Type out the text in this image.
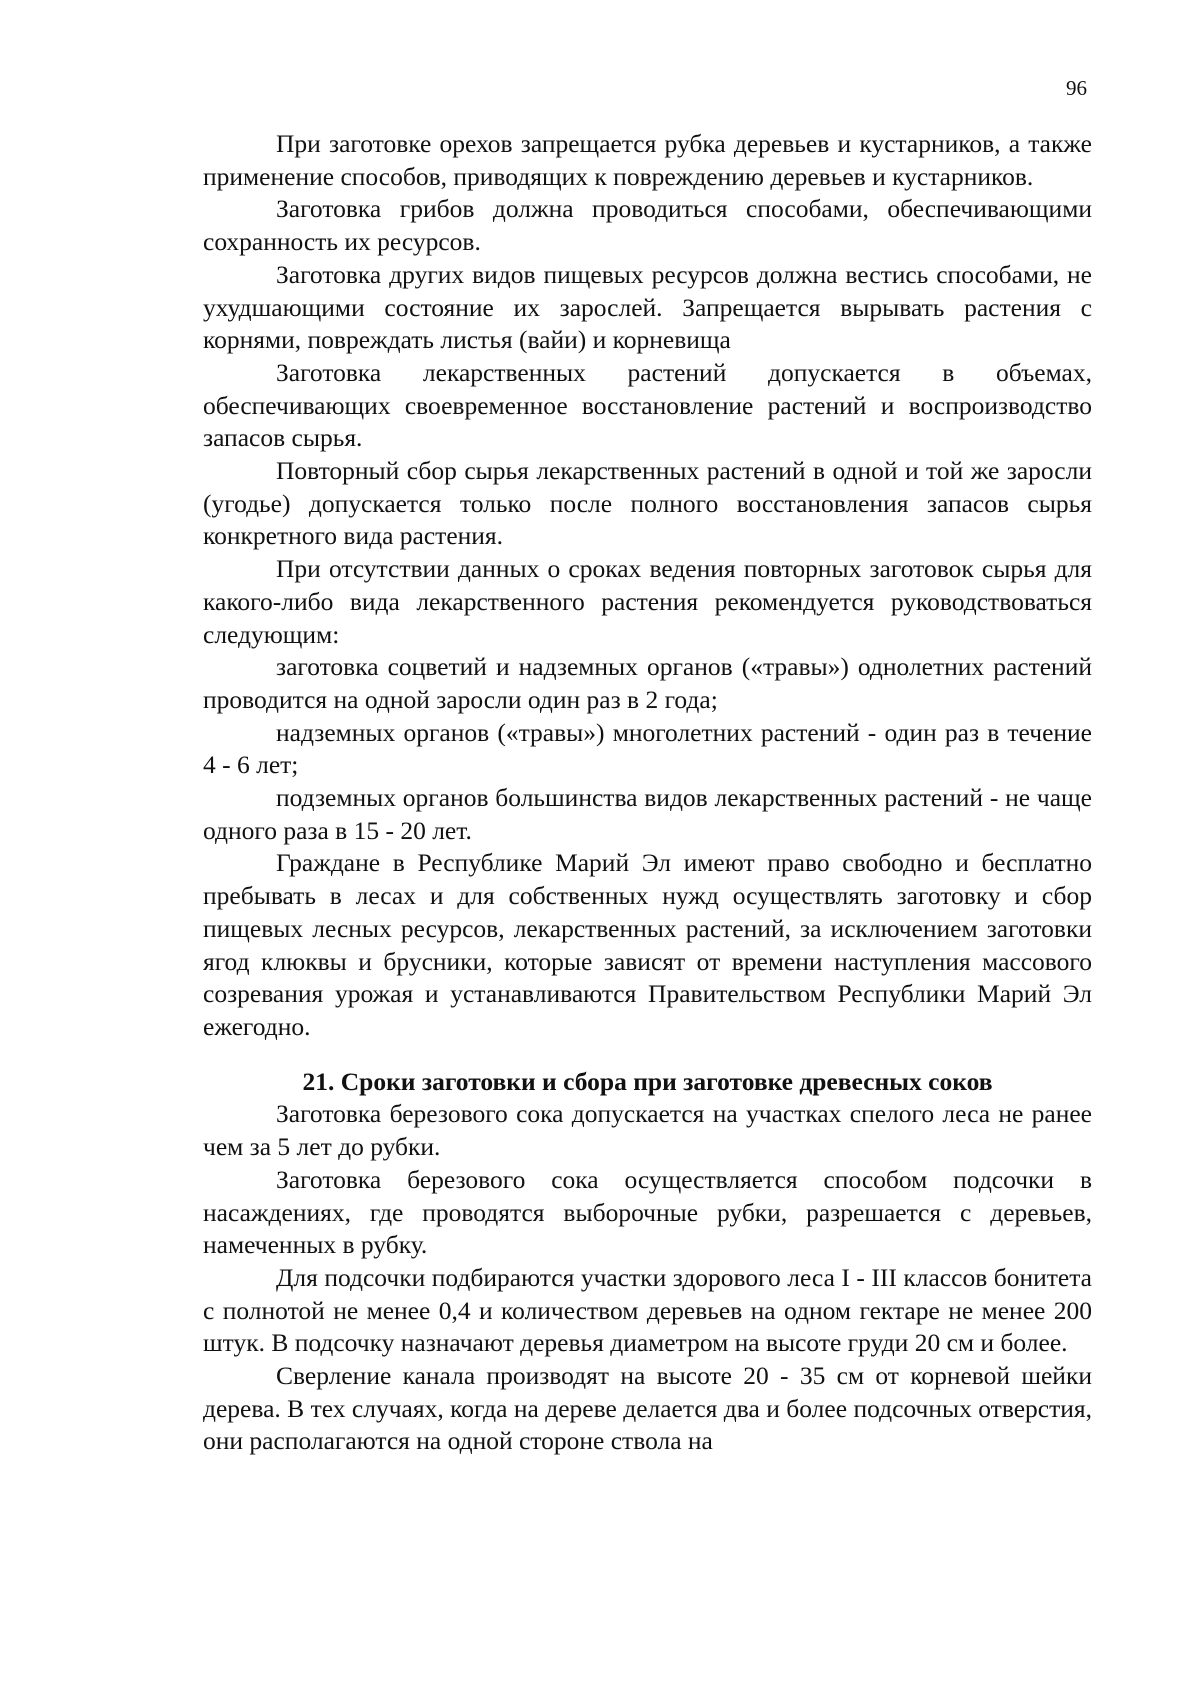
96

При заготовке орехов запрещается рубка деревьев и кустарников, а также применение способов, приводящих к повреждению деревьев и кустарников.

Заготовка грибов должна проводиться способами, обеспечивающими сохранность их ресурсов.

Заготовка других видов пищевых ресурсов должна вестись способами, не ухудшающими состояние их зарослей. Запрещается вырывать растения с корнями, повреждать листья (вайи) и корневища

Заготовка лекарственных растений допускается в объемах, обеспечивающих своевременное восстановление растений и воспроизводство запасов сырья.

Повторный сбор сырья лекарственных растений в одной и той же заросли (угодье) допускается только после полного восстановления запасов сырья конкретного вида растения.

При отсутствии данных о сроках ведения повторных заготовок сырья для какого-либо вида лекарственного растения рекомендуется руководствоваться следующим:

заготовка соцветий и надземных органов («травы») однолетних растений проводится на одной заросли один раз в 2 года;

надземных органов («травы») многолетних растений - один раз в течение 4 - 6 лет;

подземных органов большинства видов лекарственных растений - не чаще одного раза в 15 - 20 лет.

Граждане в Республике Марий Эл имеют право свободно и бесплатно пребывать в лесах и для собственных нужд осуществлять заготовку и сбор пищевых лесных ресурсов, лекарственных растений, за исключением заготовки ягод клюквы и брусники, которые зависят от времени наступления массового созревания урожая и устанавливаются Правительством Республики Марий Эл ежегодно.

21. Сроки заготовки и сбора при заготовке древесных соков

Заготовка березового сока допускается на участках спелого леса не ранее чем за 5 лет до рубки.

Заготовка березового сока осуществляется способом подсочки в насаждениях, где проводятся выборочные рубки, разрешается с деревьев, намеченных в рубку.

Для подсочки подбираются участки здорового леса I - III классов бонитета с полнотой не менее 0,4 и количеством деревьев на одном гектаре не менее 200 штук. В подсочку назначают деревья диаметром на высоте груди 20 см и более.

Сверление канала производят на высоте 20 - 35 см от корневой шейки дерева. В тех случаях, когда на дереве делается два и более подсочных отверстия, они располагаются на одной стороне ствола на
